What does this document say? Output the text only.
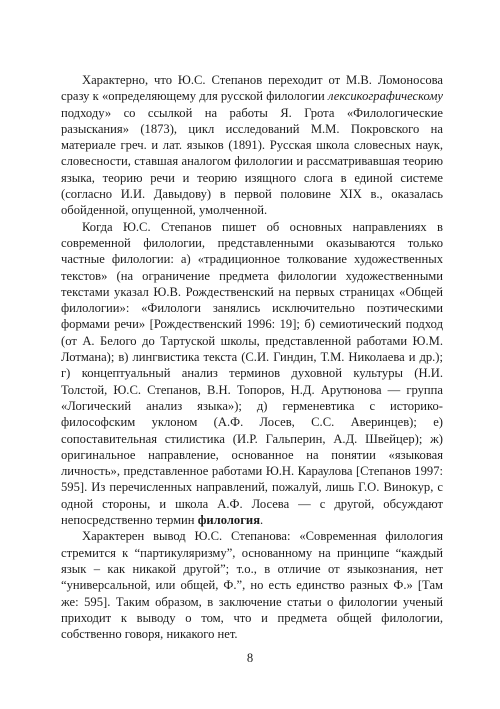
Характерно, что Ю.С. Степанов переходит от М.В. Ломоносова сразу к «определяющему для русской филологии лексикографическому подходу» со ссылкой на работы Я. Грота «Филологические разыскания» (1873), цикл исследований М.М. Покровского на материале греч. и лат. языков (1891). Русская школа словесных наук, словесности, ставшая аналогом филологии и рассматривавшая теорию языка, теорию речи и теорию изящного слога в единой системе (согласно И.И. Давыдову) в первой половине XIX в., оказалась обойденной, опущенной, умолченной.

Когда Ю.С. Степанов пишет об основных направлениях в современной филологии, представленными оказываются только частные филологии: а) «традиционное толкование художественных текстов» (на ограничение предмета филологии художественными текстами указал Ю.В. Рождественский на первых страницах «Общей филологии»: «Филологи занялись исключительно поэтическими формами речи» [Рождественский 1996: 19]; б) семиотический подход (от А. Белого до Тартуской школы, представленной работами Ю.М. Лотмана); в) лингвистика текста (С.И. Гиндин, Т.М. Николаева и др.); г) концептуальный анализ терминов духовной культуры (Н.И. Толстой, Ю.С. Степанов, В.Н. Топоров, Н.Д. Арутюнова — группа «Логический анализ языка»); д) герменевтика с историко-философским уклоном (А.Ф. Лосев, С.С. Аверинцев); е) сопоставительная стилистика (И.Р. Гальперин, А.Д. Швейцер); ж) оригинальное направление, основанное на понятии «языковая личность», представленное работами Ю.Н. Караулова [Степанов 1997: 595]. Из перечисленных направлений, пожалуй, лишь Г.О. Винокур, с одной стороны, и школа А.Ф. Лосева — с другой, обсуждают непосредственно термин филология.

Характерен вывод Ю.С. Степанова: «Современная филология стремится к “партикуляризму”, основанному на принципе “каждый язык – как никакой другой”; т.о., в отличие от языкознания, нет “универсальной, или общей, Ф.”, но есть единство разных Ф.» [Там же: 595]. Таким образом, в заключение статьи о филологии ученый приходит к выводу о том, что и предмета общей филологии, собственно говоря, никакого нет.

8
